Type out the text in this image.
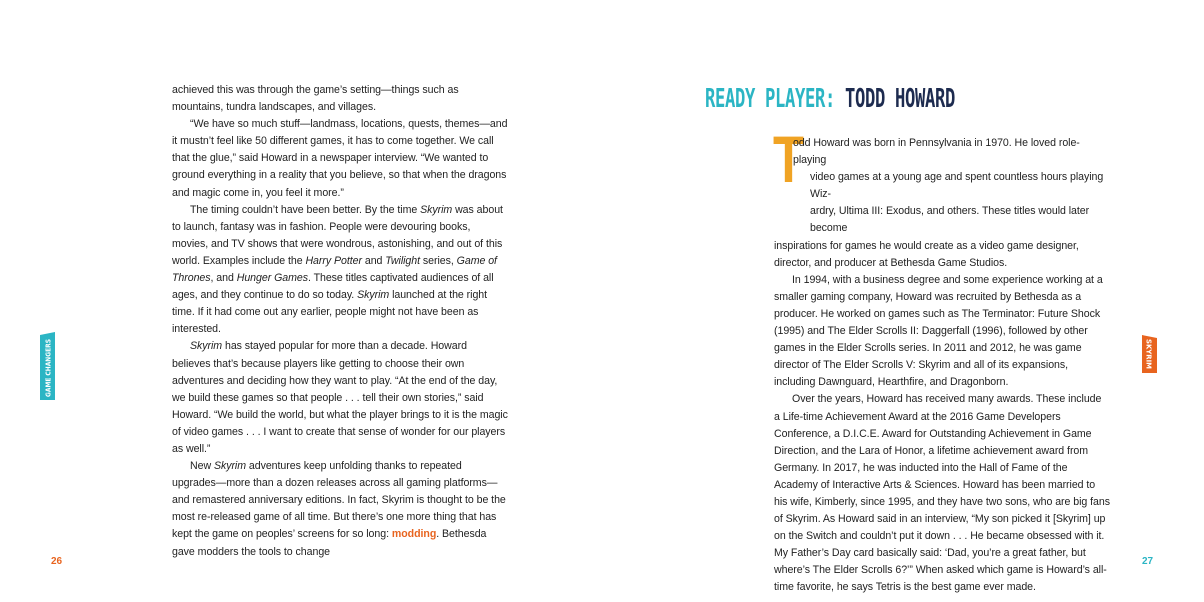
achieved this was through the game’s setting—things such as mountains, tundra landscapes, and villages.

“We have so much stuff—landmass, locations, quests, themes—and it mustn’t feel like 50 different games, it has to come together. We call that the glue,” said Howard in a newspaper interview. “We wanted to ground everything in a reality that you believe, so that when the dragons and magic come in, you feel it more.”

The timing couldn’t have been better. By the time Skyrim was about to launch, fantasy was in fashion. People were devouring books, movies, and TV shows that were wondrous, astonishing, and out of this world. Examples include the Harry Potter and Twilight series, Game of Thrones, and Hunger Games. These titles captivated audiences of all ages, and they continue to do so today. Skyrim launched at the right time. If it had come out any earlier, people might not have been as interested.

Skyrim has stayed popular for more than a decade. Howard believes that’s because players like getting to choose their own adventures and deciding how they want to play. “At the end of the day, we build these games so that people . . . tell their own stories,” said Howard. “We build the world, but what the player brings to it is the magic of video games . . . I want to create that sense of wonder for our players as well.”

New Skyrim adventures keep unfolding thanks to repeated upgrades—more than a dozen releases across all gaming platforms—and remastered anniversary editions. In fact, Skyrim is thought to be the most re-released game of all time. But there’s one more thing that has kept the game on peoples’ screens for so long: modding. Bethesda gave modders the tools to change

GAME CHANGERS
26
READY PLAYER: TODD HOWARD
T
odd Howard was born in Pennsylvania in 1970. He loved role-playing
video games at a young age and spent countless hours playing Wiz-
ardry, Ultima III: Exodus, and others. These titles would later become

inspirations for games he would create as a video game designer, director, and producer at Bethesda Game Studios.

In 1994, with a business degree and some experience working at a smaller gaming company, Howard was recruited by Bethesda as a producer. He worked on games such as The Terminator: Future Shock (1995) and The Elder Scrolls II: Daggerfall (1996), followed by other games in the Elder Scrolls series. In 2011 and 2012, he was game director of The Elder Scrolls V: Skyrim and all of its expansions, including Dawnguard, Hearthfire, and Dragonborn.

Over the years, Howard has received many awards. These include a Life-time Achievement Award at the 2016 Game Developers Conference, a D.I.C.E. Award for Outstanding Achievement in Game Direction, and the Lara of Honor, a lifetime achievement award from Germany. In 2017, he was inducted into the Hall of Fame of the Academy of Interactive Arts & Sciences. Howard has been married to his wife, Kimberly, since 1995, and they have two sons, who are big fans of Skyrim. As Howard said in an interview, “My son picked it [Skyrim] up on the Switch and couldn’t put it down . . . He became obsessed with it. My Father’s Day card basically said: ‘Dad, you’re a great father, but where’s The Elder Scrolls 6?’” When asked which game is Howard’s all-time favorite, he says Tetris is the best game ever made.

SKYRIM
27
